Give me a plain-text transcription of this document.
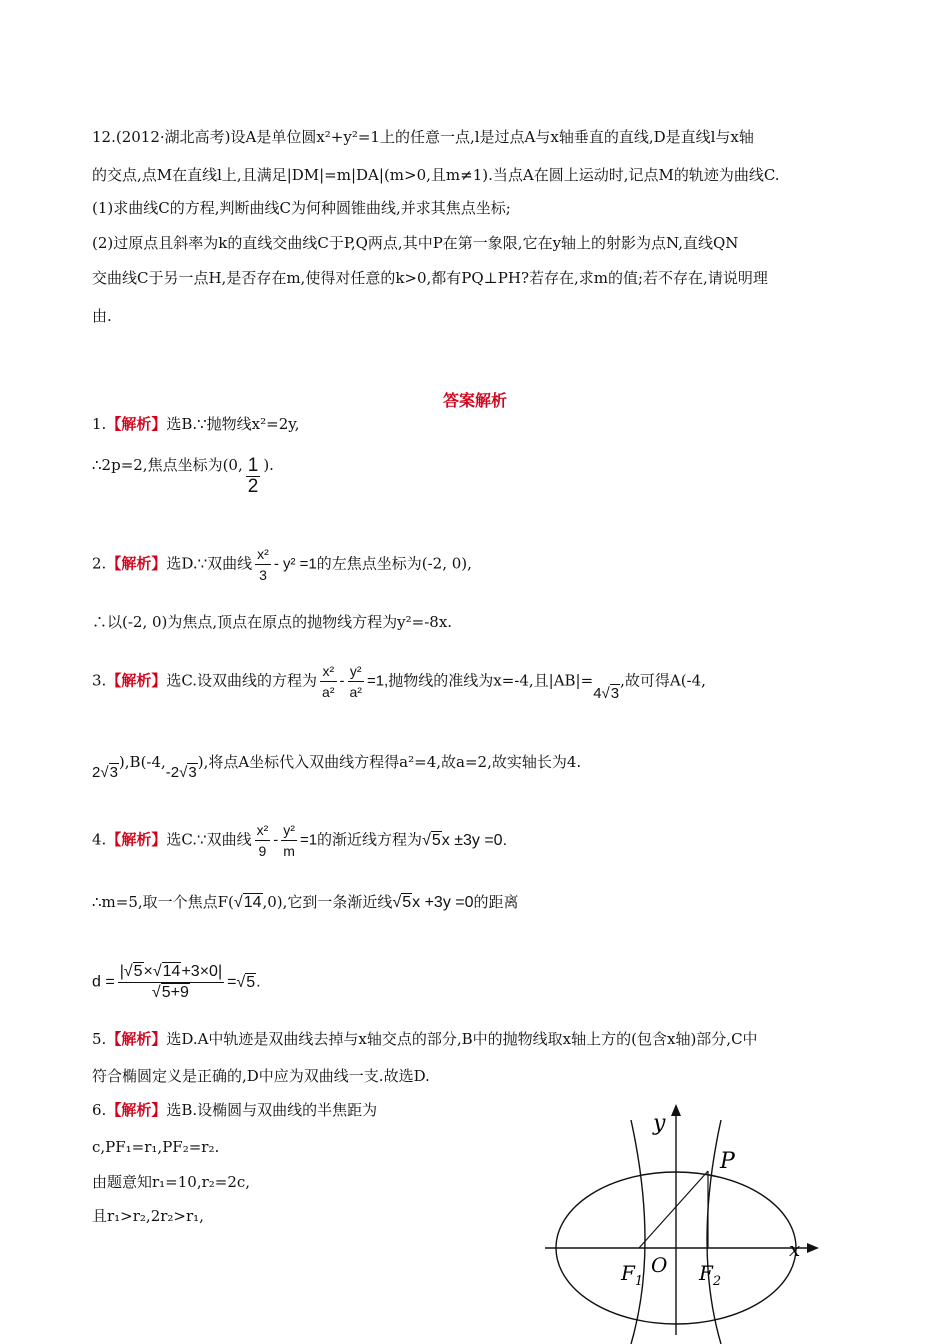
12.(2012·湖北高考)设A是单位圆x²+y²=1上的任意一点,l是过点A与x轴垂直的直线,D是直线l与x轴
的交点,点M在直线l上,且满足|DM|=m|DA|(m>0,且m≠1).当点A在圆上运动时,记点M的轨迹为曲线C.
(1)求曲线C的方程,判断曲线C为何种圆锥曲线,并求其焦点坐标;
(2)过原点且斜率为k的直线交曲线C于P,Q两点,其中P在第一象限,它在y轴上的射影为点N,直线QN
交曲线C于另一点H,是否存在m,使得对任意的k>0,都有PQ⊥PH?若存在,求m的值;若不存在,请说明理
由.
答案解析
1.【解析】选B.∵抛物线x²=2y,
∴2p=2,焦点坐标为(0, $\frac{1}{2}$ ).
2.【解析】选D.∵双曲线 $\frac{\text{x²}}{3} - y^2 =1$的左焦点坐标为(-2, 0),
∴以(-2, 0)为焦点,顶点在原点的抛物线方程为y²=-8x.
3.【解析】选C.设双曲线的方程为 $\frac{\text{x²}}{\text{a²}} - \frac{\text{y²}}{\text{a²}} =1$,抛物线的准线为x=-4,且|AB|=4√3,故可得A(-4,
2√3),B(-4,-2√3),将点A坐标代入双曲线方程得a²=4,故a=2,故实轴长为4.
4.【解析】选C.∵双曲线 $\frac{\text{x²}}{9} - \frac{\text{y²}}{m} =1$的渐近线方程为√5x ±3y =0.
∴m=5,取一个焦点F(√14,0),它到一条渐近线√5x +3y =0的距离
$d = \frac{|√5\times√14+3\times 0|}{√5+9} =√5$.
5.【解析】选D.A中轨迹是双曲线去掉与x轴交点的部分,B中的抛物线取x轴上方的(包含x轴)部分,C中
符合椭圆定义是正确的,D中应为双曲线一支.故选D.
6.【解析】选B.设椭圆与双曲线的半焦距为
c,PF₁=r₁,PF₂=r₂.
由题意知r₁=10,r₂=2c,
且r₁>r₂,2r₂>r₁,
y
x
P
O
$F_1$	$F_2$
